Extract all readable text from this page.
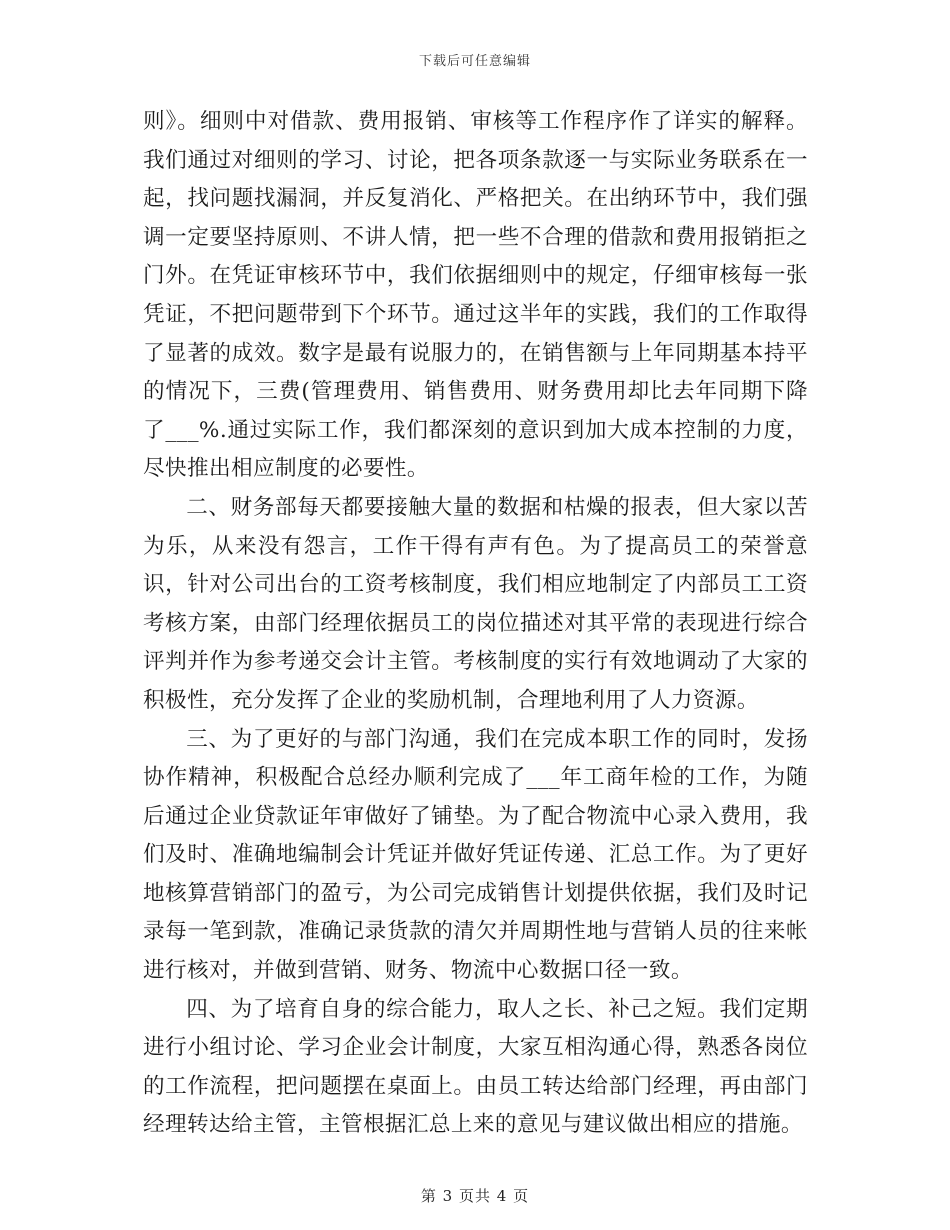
下载后可任意编辑

则》。细则中对借款、费用报销、审核等工作程序作了详实的解释。我们通过对细则的学习、讨论，把各项条款逐一与实际业务联系在一起，找问题找漏洞，并反复消化、严格把关。在出纳环节中，我们强调一定要坚持原则、不讲人情，把一些不合理的借款和费用报销拒之门外。在凭证审核环节中，我们依据细则中的规定，仔细审核每一张凭证，不把问题带到下个环节。通过这半年的实践，我们的工作取得了显著的成效。数字是最有说服力的，在销售额与上年同期基本持平的情况下，三费(管理费用、销售费用、财务费用却比去年同期下降了___%.通过实际工作，我们都深刻的意识到加大成本控制的力度，尽快推出相应制度的必要性。

二、财务部每天都要接触大量的数据和枯燥的报表，但大家以苦为乐，从来没有怨言，工作干得有声有色。为了提高员工的荣誉意识，针对公司出台的工资考核制度，我们相应地制定了内部员工工资考核方案，由部门经理依据员工的岗位描述对其平常的表现进行综合评判并作为参考递交会计主管。考核制度的实行有效地调动了大家的积极性，充分发挥了企业的奖励机制，合理地利用了人力资源。

三、为了更好的与部门沟通，我们在完成本职工作的同时，发扬协作精神，积极配合总经办顺利完成了___年工商年检的工作，为随后通过企业贷款证年审做好了铺垫。为了配合物流中心录入费用，我们及时、准确地编制会计凭证并做好凭证传递、汇总工作。为了更好地核算营销部门的盈亏，为公司完成销售计划提供依据，我们及时记录每一笔到款，准确记录货款的清欠并周期性地与营销人员的往来帐进行核对，并做到营销、财务、物流中心数据口径一致。

四、为了培育自身的综合能力，取人之长、补己之短。我们定期进行小组讨论、学习企业会计制度，大家互相沟通心得，熟悉各岗位的工作流程，把问题摆在桌面上。由员工转达给部门经理，再由部门经理转达给主管，主管根据汇总上来的意见与建议做出相应的措施。

第 3 页共 4 页
